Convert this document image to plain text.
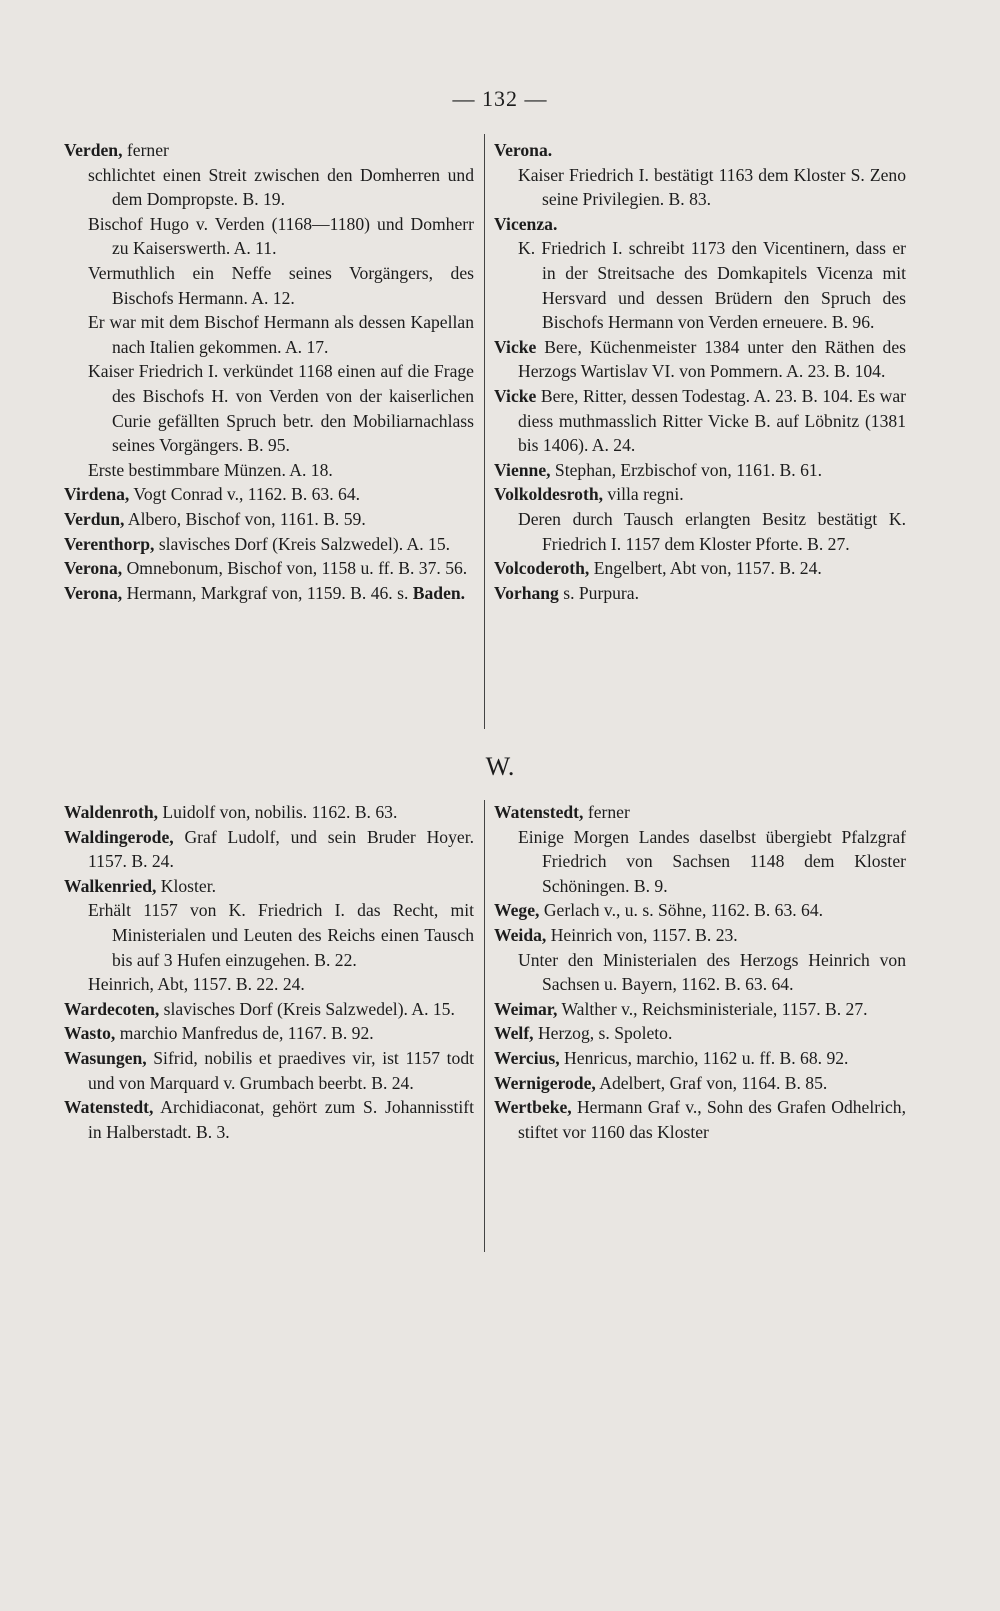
— 132 —
Verden, ferner
schlichtet einen Streit zwischen den Domherren und dem Dompropste. B. 19.
Bischof Hugo v. Verden (1168—1180) und Domherr zu Kaiserswerth. A. 11.
Vermuthlich ein Neffe seines Vorgängers, des Bischofs Hermann. A. 12.
Er war mit dem Bischof Hermann als dessen Kapellan nach Italien gekommen. A. 17.
Kaiser Friedrich I. verkündet 1168 einen auf die Frage des Bischofs H. von Verden von der kaiserlichen Curie gefällten Spruch betr. den Mobiliarnachlass seines Vorgängers. B. 95.
Erste bestimmbare Münzen. A. 18.
Virdena, Vogt Conrad v., 1162. B. 63. 64.
Verdun, Albero, Bischof von, 1161. B. 59.
Verenthorp, slavisches Dorf (Kreis Salzwedel). A. 15.
Verona, Omnebonum, Bischof von, 1158 u. ff. B. 37. 56.
Verona, Hermann, Markgraf von, 1159. B. 46. s. Baden.
Verona.
Kaiser Friedrich I. bestätigt 1163 dem Kloster S. Zeno seine Privilegien. B. 83.
Vicenza.
K. Friedrich I. schreibt 1173 den Vicentinern, dass er in der Streitsache des Domkapitels Vicenza mit Hersvard und dessen Brüdern den Spruch des Bischofs Hermann von Verden erneuere. B. 96.
Vicke Bere, Küchenmeister 1384 unter den Räthen des Herzogs Wartislav VI. von Pommern. A. 23. B. 104.
Vicke Bere, Ritter, dessen Todestag. A. 23. B. 104. Es war diess muthmasslich Ritter Vicke B. auf Löbnitz (1381 bis 1406). A. 24.
Vienne, Stephan, Erzbischof von, 1161. B. 61.
Volkoldesroth, villa regni.
Deren durch Tausch erlangten Besitz bestätigt K. Friedrich I. 1157 dem Kloster Pforte. B. 27.
Volcoderoth, Engelbert, Abt von, 1157. B. 24.
Vorhang s. Purpura.
W.
Waldenroth, Luidolf von, nobilis. 1162. B. 63.
Waldingerode, Graf Ludolf, und sein Bruder Hoyer. 1157. B. 24.
Walkenried, Kloster.
Erhält 1157 von K. Friedrich I. das Recht, mit Ministerialen und Leuten des Reichs einen Tausch bis auf 3 Hufen einzugehen. B. 22.
Heinrich, Abt, 1157. B. 22. 24.
Wardecoten, slavisches Dorf (Kreis Salzwedel). A. 15.
Wasto, marchio Manfredus de, 1167. B. 92.
Wasungen, Sifrid, nobilis et praedives vir, ist 1157 todt und von Marquard v. Grumbach beerbt. B. 24.
Watenstedt, Archidiaconat, gehört zum S. Johannisstift in Halberstadt. B. 3.
Watenstedt, ferner
Einige Morgen Landes daselbst übergiebt Pfalzgraf Friedrich von Sachsen 1148 dem Kloster Schöningen. B. 9.
Wege, Gerlach v., u. s. Söhne, 1162. B. 63. 64.
Weida, Heinrich von, 1157. B. 23.
Unter den Ministerialen des Herzogs Heinrich von Sachsen u. Bayern, 1162. B. 63. 64.
Weimar, Walther v., Reichsministeriale, 1157. B. 27.
Welf, Herzog, s. Spoleto.
Wercius, Henricus, marchio, 1162 u. ff. B. 68. 92.
Wernigerode, Adelbert, Graf von, 1164. B. 85.
Wertbeke, Hermann Graf v., Sohn des Grafen Odhelrich, stiftet vor 1160 das Kloster
